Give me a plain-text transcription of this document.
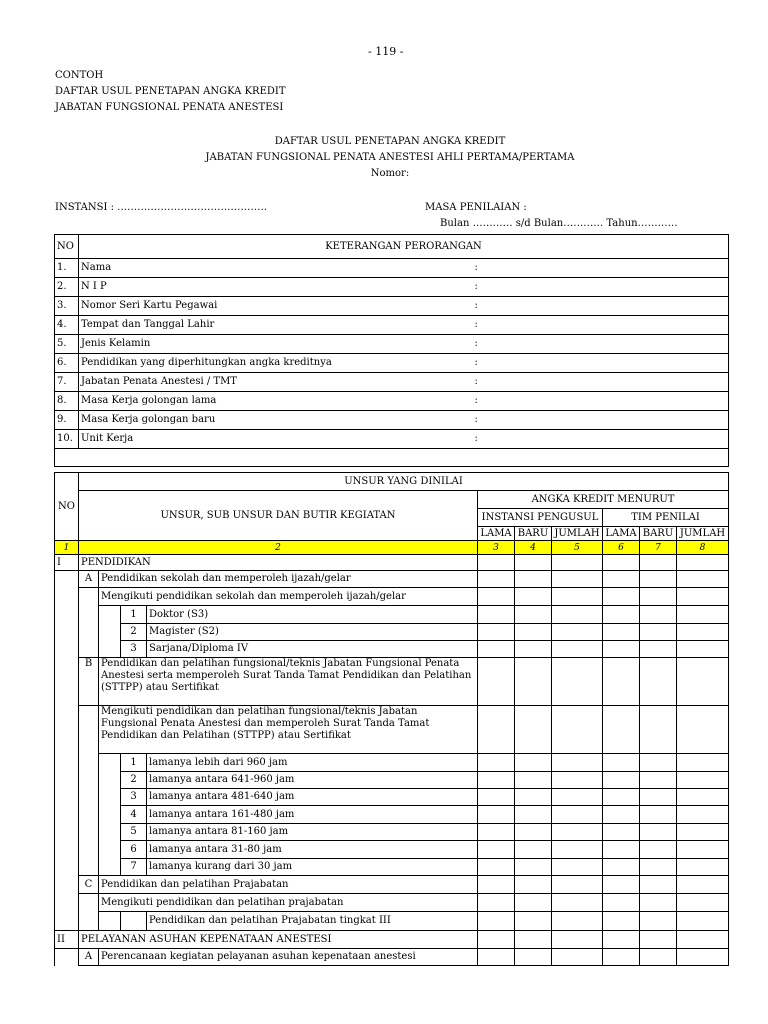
- 119 -
CONTOH
DAFTAR USUL PENETAPAN ANGKA KREDIT
JABATAN FUNGSIONAL PENATA ANESTESI
DAFTAR USUL PENETAPAN ANGKA KREDIT
JABATAN FUNGSIONAL PENATA ANESTESI AHLI PERTAMA/PERTAMA
Nomor:
INSTANSI : ………………………………………	MASA PENILAIAN :
Bulan ………… s/d Bulan………… Tahun…………
NO	KETERANGAN PERORANGAN	
1.	Nama	:
2.	N I P	:
3.	Nomor Seri Kartu Pegawai	:
4.	Tempat dan Tanggal Lahir	:
5.	Jenis Kelamin	:
6.	Pendidikan yang diperhitungkan angka kreditnya	:
7.	Jabatan Penata Anestesi / TMT	:
8.	Masa Kerja golongan lama	:
9.	Masa Kerja golongan baru	:
10.	Unit Kerja	:

NO	UNSUR YANG DINILAI									
	UNSUR, SUB UNSUR DAN BUTIR KEGIATAN				ANGKA KREDIT MENURUT					
					INSTANSI PENGUSUL			TIM PENILAI		
					LAMA	BARU	JUMLAH	LAMA	BARU	JUMLAH
1	2				3	4	5	6	7	8
I	PENDIDIKAN									
	A	Pendidikan sekolah dan memperoleh ijazah/gelar								
		Mengikuti pendidikan sekolah dan memperoleh ijazah/gelar								
			1	Doktor (S3)						
			2	Magister (S2)						
			3	Sarjana/Diploma IV						
	B	Pendidikan dan pelatihan fungsional/teknis Jabatan Fungsional Penata Anestesi serta memperoleh Surat Tanda Tamat Pendidikan dan Pelatihan (STTPP) atau Sertifikat								
		Mengikuti pendidikan dan pelatihan fungsional/teknis Jabatan Fungsional Penata Anestesi dan memperoleh Surat Tanda Tamat Pendidikan dan Pelatihan (STTPP) atau Sertifikat								
			1	lamanya lebih dari 960 jam						
			2	lamanya antara 641-960 jam						
			3	lamanya antara 481-640 jam						
			4	lamanya antara 161-480 jam						
			5	lamanya antara 81-160 jam						
			6	lamanya antara 31-80 jam						
			7	lamanya kurang dari 30 jam						
	C	Pendidikan dan pelatihan Prajabatan								
		Mengikuti pendidikan dan pelatihan prajabatan								
				Pendidikan dan pelatihan Prajabatan tingkat III						
II	PELAYANAN ASUHAN KEPENATAAN ANESTESI									
	A	Perencanaan kegiatan pelayanan asuhan kepenataan anestesi								
